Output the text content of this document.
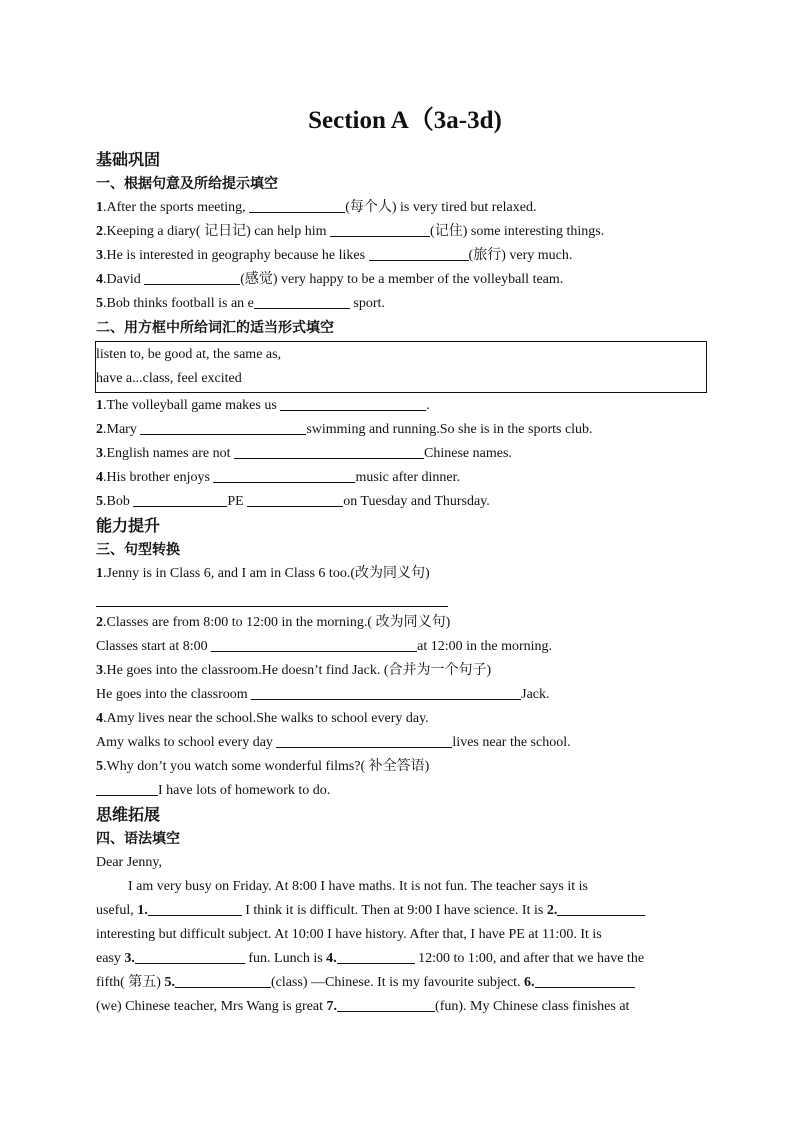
Section A（3a-3d)
基础巩固
一、根据句意及所给提示填空
1.After the sports meeting,	(每个人) is very tired but relaxed.
2.Keeping a diary( 记日记) can help him	(记住) some interesting things.
3.He is interested in geography because he likes	(旅行) very much.
4.David	(感觉) very happy to be a member of the volleyball team.
5.Bob thinks football is an e	sport.
二、用方框中所给词汇的适当形式填空
listen to, be good at, the same as,
have a...class, feel excited
1.The volleyball game makes us	.
2.Mary	swimming and running.So she is in the sports club.
3.English names are not	Chinese names.
4.His brother enjoys	music after dinner.
5.Bob	PE	on Tuesday and Thursday.
能力提升
三、句型转换
1.Jenny is in Class 6, and I am in Class 6 too.(改为同义句)
2.Classes are from 8:00 to 12:00 in the morning.( 改为同义句)
Classes start at 8:00	at 12:00 in the morning.
3.He goes into the classroom.He doesn’t find Jack. (合并为一个句子)
He goes into the classroom	Jack.
4.Amy lives near the school.She walks to school every day.
Amy walks to school every day	lives near the school.
5.Why don’t you watch some wonderful films?( 补全答语)
I have lots of homework to do.
思维拓展
四、语法填空
Dear Jenny,
I am very busy on Friday. At 8:00 I have maths. It is not fun. The teacher says it is
useful, 1.	I think it is difficult. Then at 9:00 I have science. It is 2.
interesting but difficult subject. At 10:00 I have history. After that, I have PE at 11:00. It is
easy 3.	fun. Lunch is 4.	12:00 to 1:00, and after that we have the
fifth( 第五) 5.	(class) —Chinese. It is my favourite subject. 6.
(we) Chinese teacher, Mrs Wang is great 7.	(fun). My Chinese class finishes at
